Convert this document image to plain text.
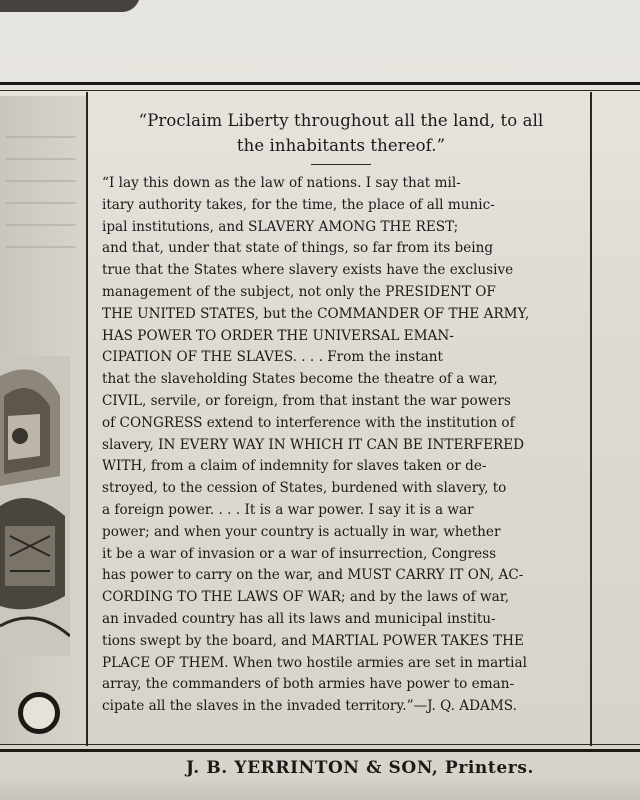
“Proclaim Liberty throughout all the land, to all
the inhabitants thereof.”
“I lay this down as the law of nations. I say that mil-
itary authority takes, for the time, the place of all munic-
ipal institutions, and SLAVERY AMONG THE REST;
and that, under that state of things, so far from its being
true that the States where slavery exists have the exclusive
management of the subject, not only the PRESIDENT OF
THE UNITED STATES, but the COMMANDER OF THE ARMY,
HAS POWER TO ORDER THE UNIVERSAL EMAN-
CIPATION OF THE SLAVES. . . . From the instant
that the slaveholding States become the theatre of a war,
CIVIL, servile, or foreign, from that instant the war powers
of CONGRESS extend to interference with the institution of
slavery, IN EVERY WAY IN WHICH IT CAN BE INTERFERED
WITH, from a claim of indemnity for slaves taken or de-
stroyed, to the cession of States, burdened with slavery, to
a foreign power. . . . It is a war power. I say it is a war
power; and when your country is actually in war, whether
it be a war of invasion or a war of insurrection, Congress
has power to carry on the war, and MUST CARRY IT ON, AC-
CORDING TO THE LAWS OF WAR; and by the laws of war,
an invaded country has all its laws and municipal institu-
tions swept by the board, and MARTIAL POWER TAKES THE
PLACE OF THEM. When two hostile armies are set in martial
array, the commanders of both armies have power to eman-
cipate all the slaves in the invaded territory.”—J. Q. ADAMS.
J. B. YERRINTON & SON, Printers.
